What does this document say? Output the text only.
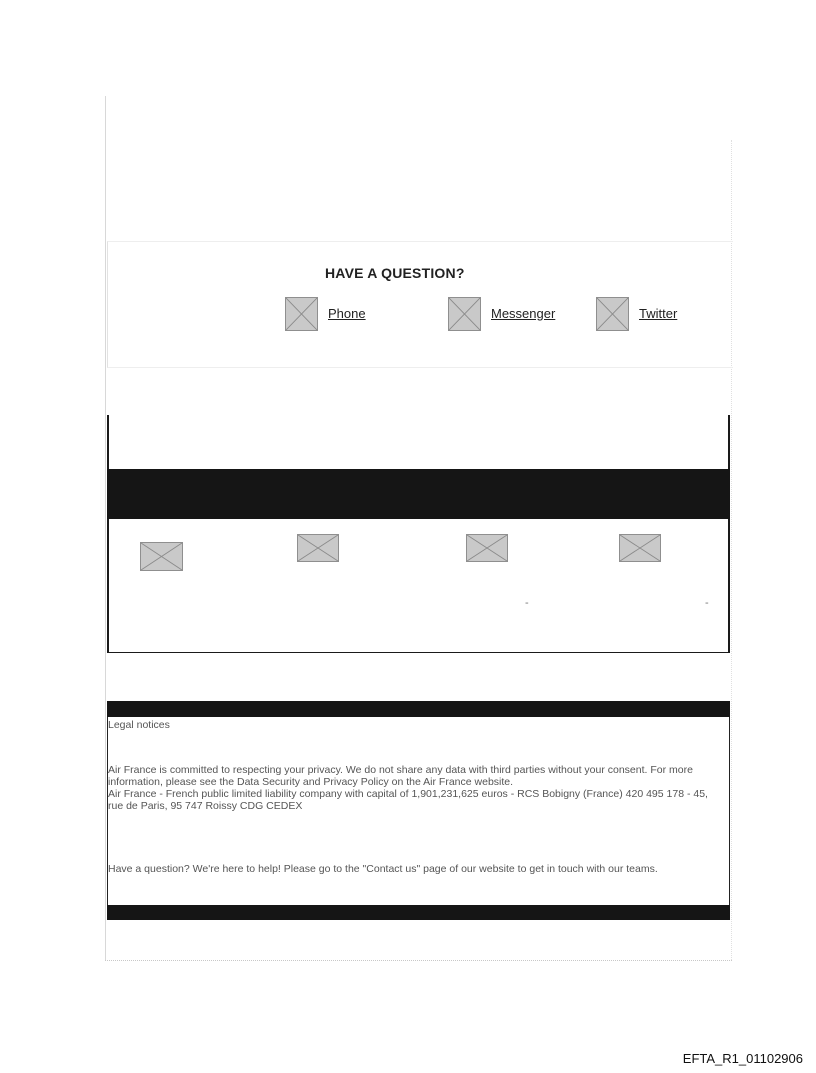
HAVE A QUESTION?
Phone	Messenger	Twitter
-	-
Legal notices
Air France is committed to respecting your privacy. We do not share any data with third parties without your consent. For more information, please see the Data Security and Privacy Policy on the Air France website.
Air France - French public limited liability company with capital of 1,901,231,625 euros - RCS Bobigny (France) 420 495 178 - 45, rue de Paris, 95 747 Roissy CDG CEDEX
Have a question? We're here to help! Please go to the "Contact us" page of our website to get in touch with our teams.
EFTA_R1_01102906
